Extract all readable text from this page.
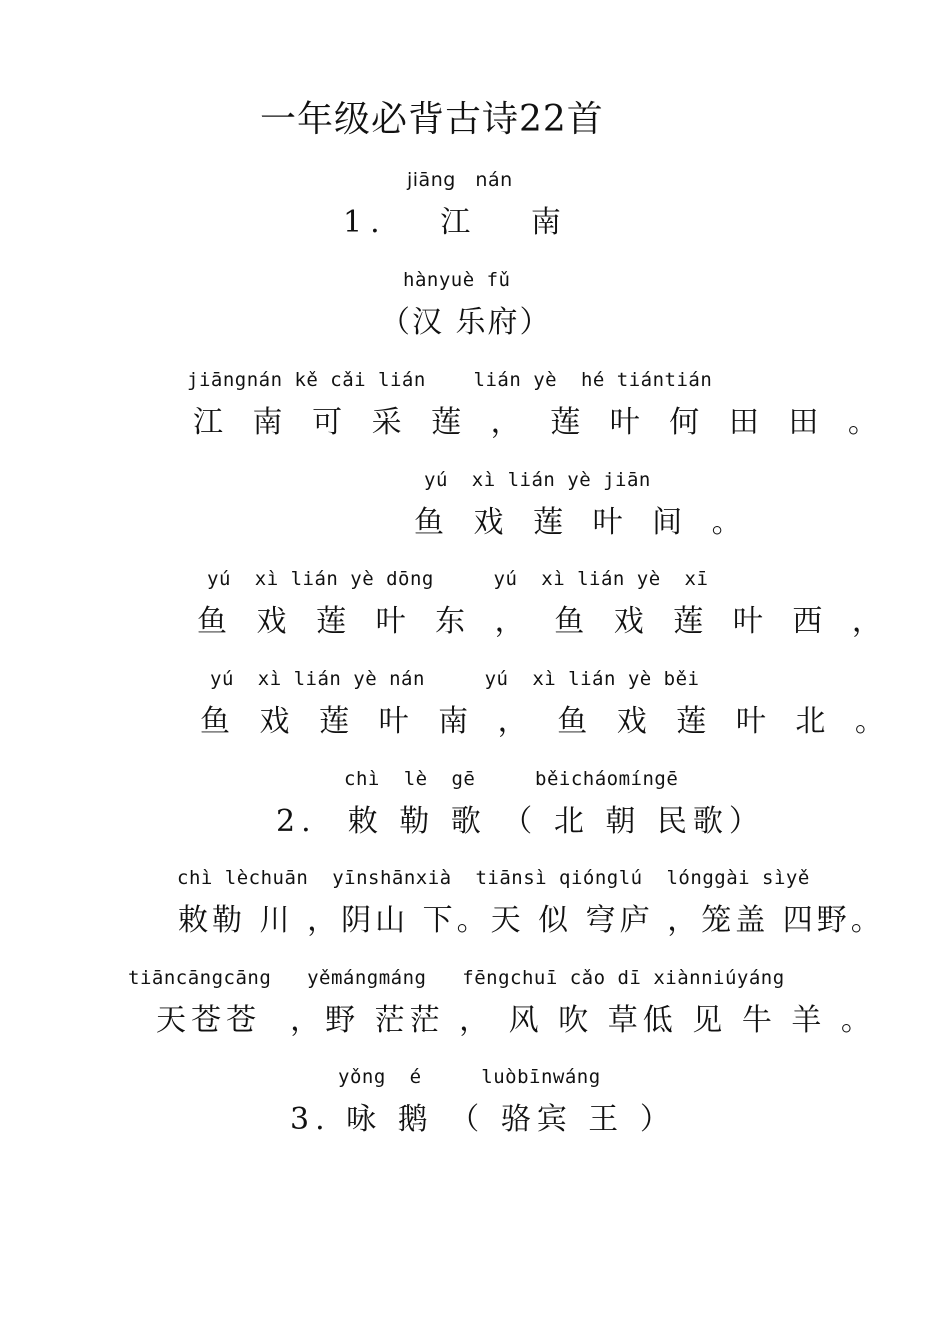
一年级必背古诗22首
jiāng   nán
1.   江   南
hànyuè fǔ
（汉 乐府）
jiāngnán kě cǎi lián    lián yè  hé tiántián
江 南 可 采 莲 ， 莲 叶 何 田 田 。
yú  xì lián yè jiān
鱼 戏 莲 叶 间 。
yú  xì lián yè dōng     yú  xì lián yè  xī
鱼 戏 莲 叶 东 ， 鱼 戏 莲 叶 西 ，
yú  xì lián yè nán     yú  xì lián yè běi
鱼 戏 莲 叶 南 ， 鱼 戏 莲 叶 北 。
chì  lè  gē     běicháomíngē
2.  敕 勒 歌 （ 北 朝 民歌）
chì lèchuān  yīnshānxià  tiānsì qiónglú  lónggài sìyě
敕勒 川 ，阴山 下。天 似 穹庐 ，笼盖 四野。
tiāncāngcāng   yěmángmáng   fēngchuī cǎo dī xiànniúyáng
天苍苍  ，野 茫茫 ， 风 吹 草低 见 牛 羊 。
yǒng  é     luòbīnwáng
3. 咏 鹅 （ 骆宾 王 ）
